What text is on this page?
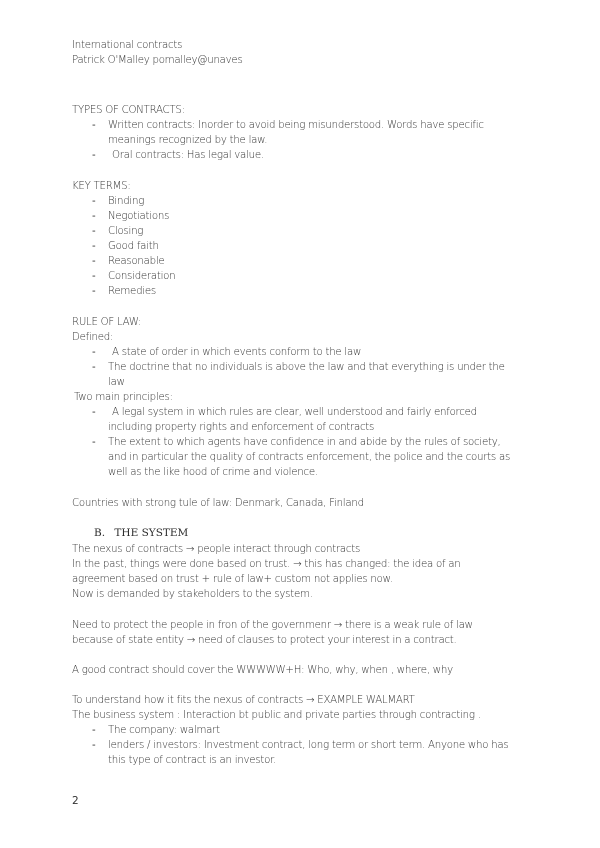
International contracts
Patrick O'Malley pomalley@unaves
TYPES OF CONTRACTS:
- Written contracts: Inorder to avoid being misunderstood. Words have specific
meanings recognized by the law.
- Oral contracts: Has legal value.
KEY TERMS:
- Binding
- Negotiations
- Closing
- Good faith
- Reasonable
- Consideration
- Remedies
RULE OF LAW:
Defined:
- A state of order in which events conform to the law
- The doctrine that no individuals is above the law and that everything is under the
law
Two main principles:
- A legal system in which rules are clear, well understood and fairly enforced
including property rights and enforcement of contracts
- The extent to which agents have confidence in and abide by the rules of society,
and in particular the quality of contracts enforcement, the police and the courts as
well as the like hood of crime and violence.
Countries with strong tule of law: Denmark, Canada, Finland
B. THE SYSTEM
The nexus of contracts → people interact through contracts
In the past, things were done based on trust. → this has changed: the idea of an
agreement based on trust + rule of law+ custom not applies now.
Now is demanded by stakeholders to the system.
Need to protect the people in fron of the governmenr → there is a weak rule of law
because of state entity → need of clauses to protect your interest in a contract.
A good contract should cover the WWWWW+H: Who, why, when , where, why
To understand how it fits the nexus of contracts → EXAMPLE WALMART
The business system : Interaction bt public and private parties through contracting .
- The company: walmart
- lenders / investors: Investment contract, long term or short term. Anyone who has
this type of contract is an investor.
2
